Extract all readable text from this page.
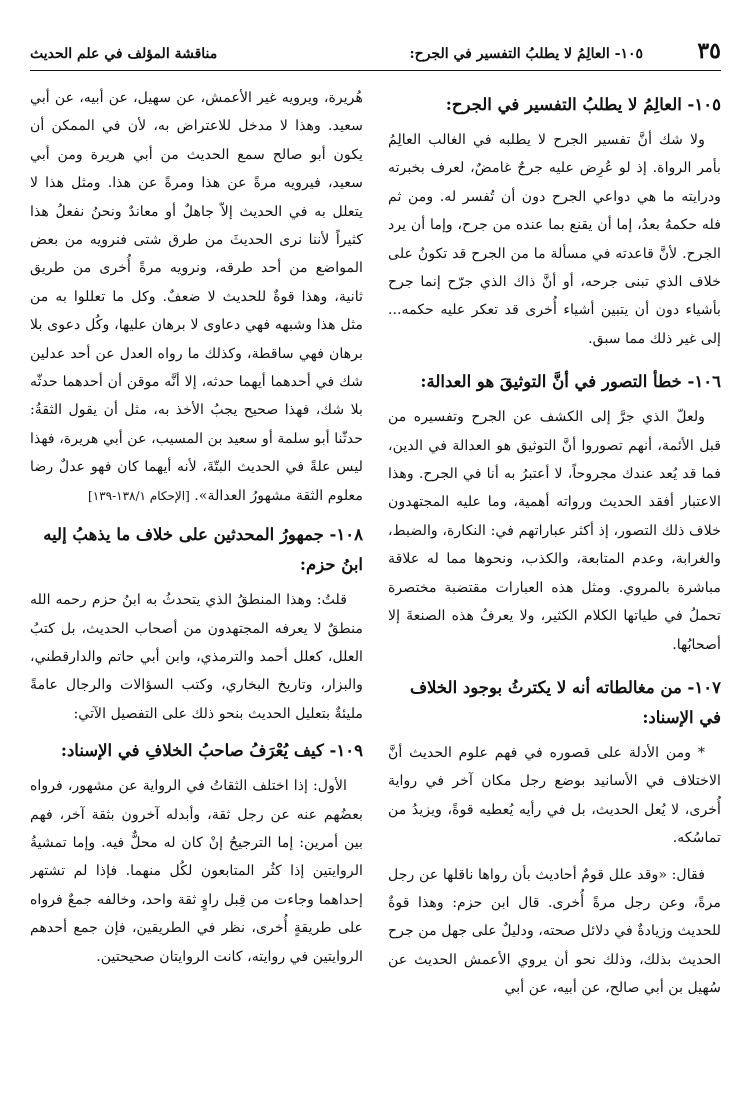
٣٥
١٠٥- العالِمُ لا يطلبُ التفسير في الجرح:
مناقشة المؤلف في علم الحديث
١٠٥- العالِمُ لا يطلبُ التفسير في الجرح:

ولا شك أنَّ تفسير الجرح لا يطلبه في الغالب العالِمُ بأمر الرواة. إذ لو عُرِض عليه جرحٌ غامضٌ، لعرف بخبرته ودرايته ما هي دواعي الجرح دون أن تُفسر له. ومن ثم فله حكمهُ بعدُ، إما أن يقنع بما عنده من جرح، وإما أن يرد الجرح. لأنَّ قاعدته في مسألة ما من الجرح قد تكونُ على خلاف الذي تبنى جرحه، أو أنَّ ذاك الذي جرّح إنما جرح بأشياء دون أن يتبين أشياء أُخرى قد تعكر عليه حكمه... إلى غير ذلك مما سبق.

١٠٦- خطأ التصور في أنَّ التوثيقَ هو العدالة:

ولعلّ الذي جرَّ إلى الكشف عن الجرح وتفسيره من قبل الأئمة، أنهم تصوروا أنَّ التوثيق هو العدالة في الدين، فما قد يُعد عندك مجروحاً، لا أعتبرُ به أنا في الجرح. وهذا الاعتبار أفقد الحديث ورواته أهمية، وما عليه المجتهدون خلاف ذلك التصور، إذ أكثر عباراتهم في: النكارة، والضبط، والغرابة، وعدم المتابعة، والكذب، ونحوها مما له علاقة مباشرة بالمروي. ومثل هذه العبارات مقتضبة مختصرة تحملُ في طياتها الكلام الكثير، ولا يعرفُ هذه الصنعةَ إلا أصحابُها.

١٠٧- من مغالطاته أنه لا يكترثُ بوجود الخلاف في الإسناد:

* ومن الأدلة على قصوره في فهم علوم الحديث أنَّ الاختلاف في الأسانيد بوضع رجل مكان آخر في رواية أُخرى، لا يُعل الحديث، بل في رأيه يُعطيه قوةً، ويزيدُ من تماسُكه.

فقال: «وقد علل قومٌ أحاديث بأن رواها ناقلها عن رجل مرةً، وعن رجل مرةً أُخرى. قال ابن حزم: وهذا قوةٌ للحديث وزيادةٌ في دلائل صحته، ودليلٌ على جهل من جرح الحديث بذلك، وذلك نحو أن يروي الأعمش الحديث عن سُهيل بن أبي صالح، عن أبيه، عن أبي

هُريرة، ويرويه غير الأعمش، عن سهيل، عن أبيه، عن أبي سعيد. وهذا لا مدخل للاعتراض به، لأن في الممكن أن يكون أبو صالح سمع الحديث من أبي هريرة ومن أبي سعيد، فيرويه مرةً عن هذا ومرةً عن هذا. ومثل هذا لا يتعلل به في الحديث إلاّ جاهلٌ أو معاندٌ ونحنُ نفعلُ هذا كثيراً لأننا نرى الحديثَ من طرق شتى فنرويه من بعض المواضع من أحد طرقه، ونرويه مرةً أُخرى من طريق ثانية، وهذا قوةٌ للحديث لا ضعفٌ. وكل ما تعللوا به من مثل هذا وشبهه فهي دعاوى لا برهان عليها، وكُل دعوى بلا برهان فهي ساقطة، وكذلك ما رواه العدل عن أحد عدلين شك في أحدهما أيهما حدثه، إلا أنَّه موقن أن أحدهما حدثّه بلا شك، فهذا صحيح يجبُ الأخذ به، مثل أن يقول الثقةُ: حدثّنا أبو سلمة أو سعيد بن المسيب، عن أبي هريرة، فهذا ليس علةً في الحديث البتّةَ، لأنه أيهما كان فهو عدلٌ رضا معلوم الثقة مشهورُ العدالة». [الإحكام ١٣٨/١-١٣٩]

١٠٨- جمهورُ المحدثين على خلاف ما يذهبُ إليه ابنُ حزم:

قلتُ: وهذا المنطقُ الذي يتحدثُ به ابنُ حزم رحمه الله منطقٌ لا يعرفه المجتهدون من أصحاب الحديث، بل كتبُ العلل، كعلل أحمد والترمذي، وابن أبي حاتم والدارقطني، والبزار، وتاريخ البخاري، وكتب السؤالات والرجال عامةً مليئةٌ بتعليل الحديث بنحو ذلك على التفصيل الآتي:

١٠٩- كيف يُعْرَفُ صاحبُ الخلافِ في الإسناد:

الأول: إذا اختلف الثقاتُ في الرواية عن مشهور، فرواه بعضُهم عنه عن رجل ثقة، وأبدله آخرون بثقة آخر، فهم بين أمرين: إما الترجيحُ إنْ كان له محلٌّ فيه. وإما تمشيةُ الروايتين إذا كثُر المتابعون لكُل منهما. فإذا لم تشتهر إحداهما وجاءت من قِبل راوٍ ثقة واحد، وخالفه جمعٌ فرواه على طريقةٍ أُخرى، نظر في الطريقين، فإن جمع أحدهم الروايتين في روايته، كانت الروايتان صحيحتين.
